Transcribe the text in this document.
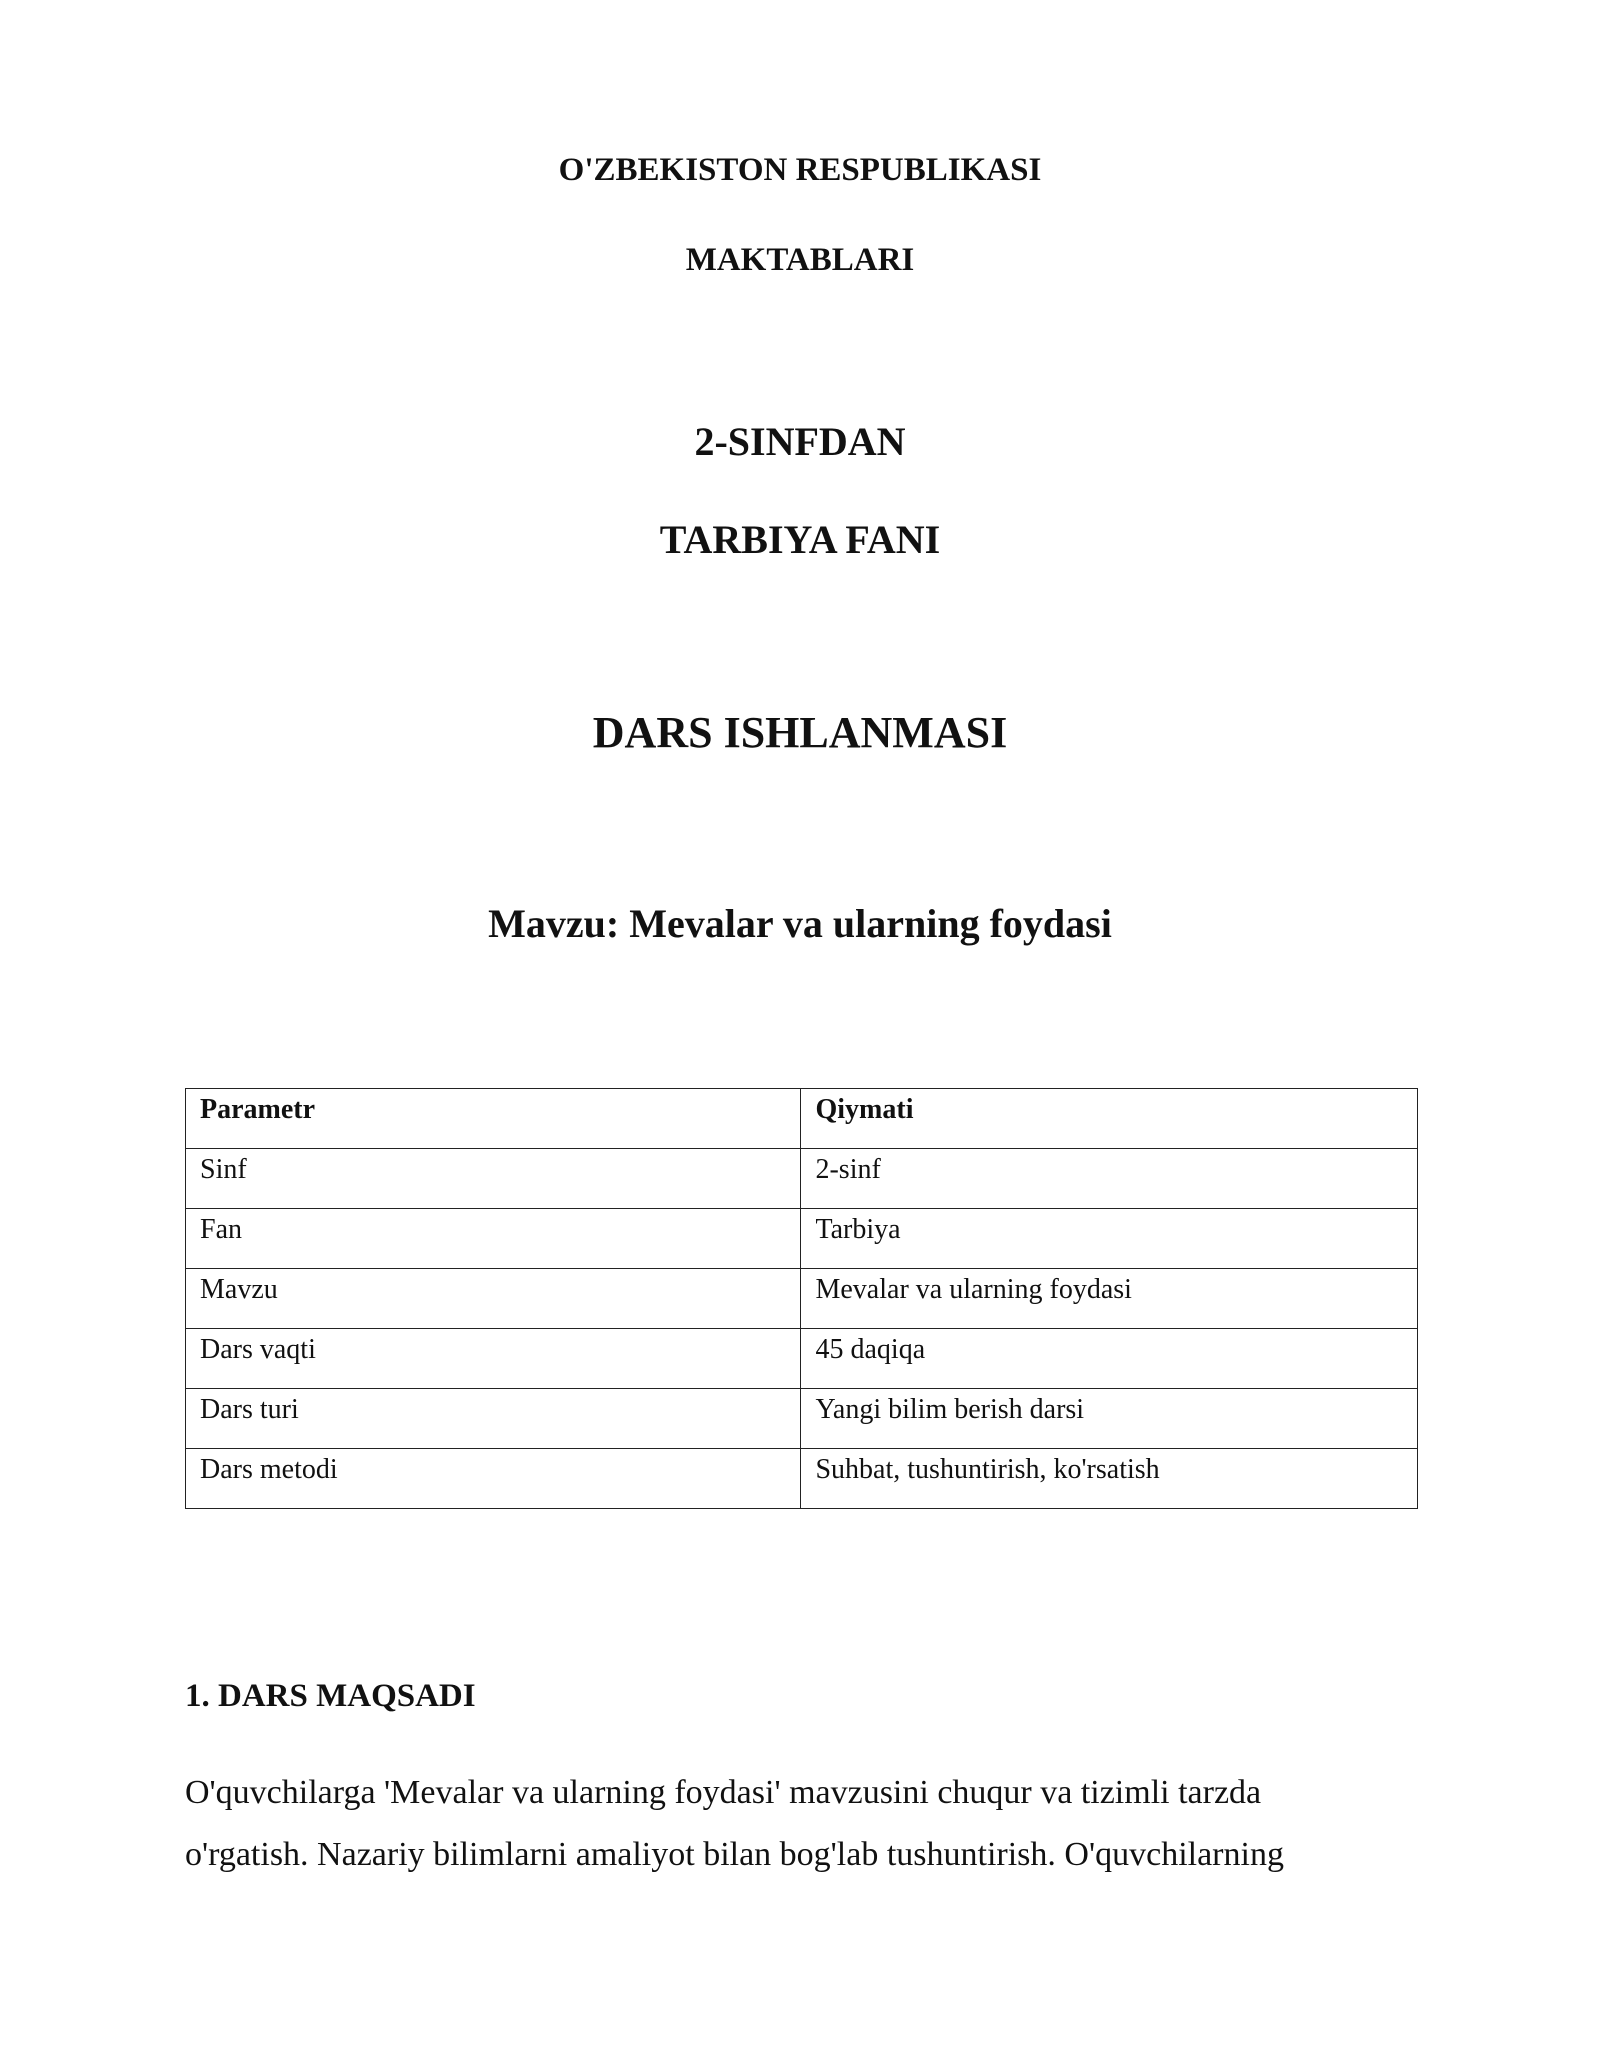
O'ZBEKISTON RESPUBLIKASI
MAKTABLARI
2-SINFDAN
TARBIYA FANI
DARS ISHLANMASI
Mavzu: Mevalar va ularning foydasi
Parametr	Qiymati
Sinf	2-sinf
Fan	Tarbiya
Mavzu	Mevalar va ularning foydasi
Dars vaqti	45 daqiqa
Dars turi	Yangi bilim berish darsi
Dars metodi	Suhbat, tushuntirish, ko'rsatish
1. DARS MAQSADI
O'quvchilarga 'Mevalar va ularning foydasi' mavzusini chuqur va tizimli tarzda
o'rgatish. Nazariy bilimlarni amaliyot bilan bog'lab tushuntirish. O'quvchilarning
